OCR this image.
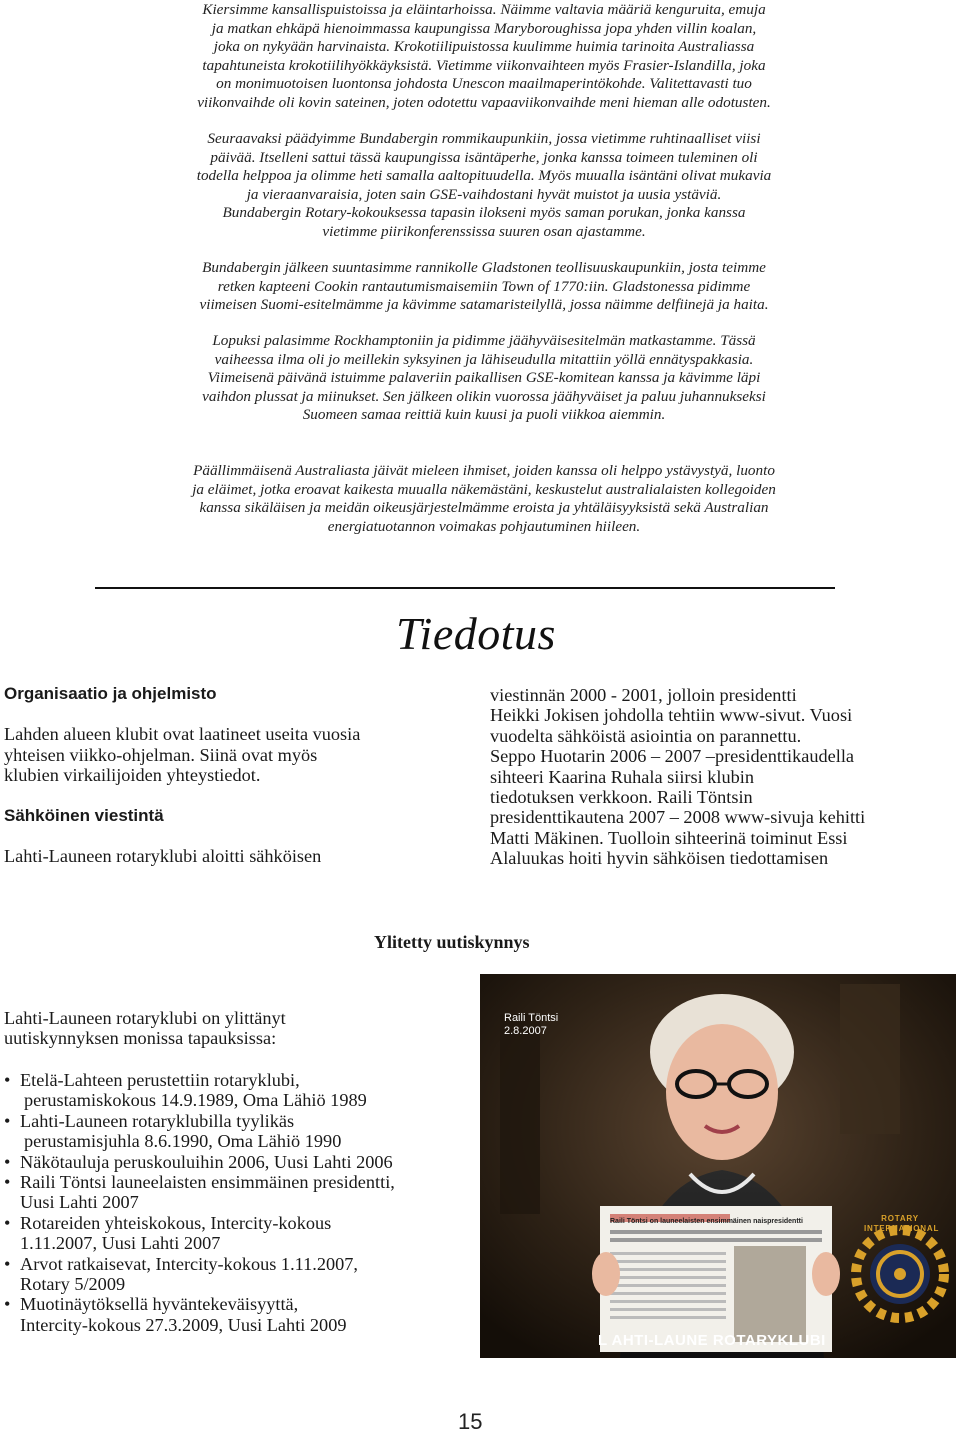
Kiersimme kansallispuistoissa ja eläintarhoissa. Näimme valtavia määriä kenguruita, emuja
ja matkan ehkäpä hienoimmassa kaupungissa Maryboroughissa jopa yhden villin koalan,
joka on nykyään harvinaista. Krokotiilipuistossa kuulimme huimia tarinoita Australiassa
tapahtuneista krokotiilihyökkäyksistä. Vietimme viikonvaihteen myös Frasier-Islandilla, joka
on monimuotoisen luontonsa johdosta Unescon maailmaperintökohde. Valitettavasti tuo
viikonvaihde oli kovin sateinen, joten odotettu vapaaviikonvaihde meni hieman alle odotusten.

Seuraavaksi päädyimme Bundabergin rommikaupunkiin, jossa vietimme ruhtinaalliset viisi
päivää. Itselleni sattui tässä kaupungissa isäntäperhe, jonka kanssa toimeen tuleminen oli
todella helppoa ja olimme heti samalla aaltopituudella. Myös muualla isäntäni olivat mukavia
ja vieraanvaraisia, joten sain GSE-vaihdostani hyvät muistot ja uusia ystäviä.
Bundabergin Rotary-kokouksessa tapasin ilokseni myös saman porukan, jonka kanssa
vietimme piirikonferenssissa suuren osan ajastamme.

Bundabergin jälkeen suuntasimme rannikolle Gladstonen teollisuuskaupunkiin, josta teimme
retken kapteeni Cookin rantautumismaisemiin Town of 1770:iin. Gladstonessa pidimme
viimeisen Suomi-esitelmämme ja kävimme satamaristeilyllä, jossa näimme delfiinejä ja haita.

Lopuksi palasimme Rockhamptoniin ja pidimme jäähyväisesitelmän matkastamme. Tässä
vaiheessa ilma oli jo meillekin syksyinen ja lähiseudulla mitattiin yöllä ennätyspakkasia.
Viimeisenä päivänä istuimme palaveriin paikallisen GSE-komitean kanssa ja kävimme läpi
vaihdon plussat ja miinukset. Sen jälkeen olikin vuorossa jäähyväiset ja paluu juhannukseksi
Suomeen samaa reittiä kuin kuusi ja puoli viikkoa aiemmin.

Päällimmäisenä Australiasta jäivät mieleen ihmiset, joiden kanssa oli helppo ystävystyä, luonto
ja eläimet, jotka eroavat kaikesta muualla näkemästäni, keskustelut australialaisten kollegoiden
kanssa sikäläisen ja meidän oikeusjärjestelmämme eroista ja yhtäläisyyksistä sekä Australian
energiatuotannon voimakas pohjautuminen hiileen.

Tiedotus

Organisaatio ja ohjelmisto

Lahden alueen klubit ovat laatineet useita vuosia
yhteisen viikko-ohjelman. Siinä ovat myös
klubien virkailijoiden yhteystiedot.

Sähköinen viestintä

Lahti-Launeen rotaryklubi aloitti sähköisen

viestinnän 2000 - 2001, jolloin presidentti
Heikki Jokisen johdolla tehtiin www-sivut. Vuosi
vuodelta sähköistä asiointia on parannettu.
Seppo Huotarin 2006 – 2007 –presidenttikaudella
sihteeri Kaarina Ruhala siirsi klubin
tiedotuksen verkkoon. Raili Töntsin
presidenttikautena 2007 – 2008 www-sivuja kehitti
Matti Mäkinen. Tuolloin sihteerinä toiminut Essi
Alaluukas hoiti hyvin sähköisen tiedottamisen

Ylitetty uutiskynnys

Lahti-Launeen rotaryklubi on ylittänyt
uutiskynnyksen monissa tapauksissa:

• Etelä-Lahteen perustettiin rotaryklubi,
perustamiskokous 14.9.1989, Oma Lähiö 1989
• Lahti-Launeen rotaryklubilla tyylikäs
perustamisjuhla 8.6.1990, Oma Lähiö 1990
• Näkötauluja peruskouluihin 2006, Uusi Lahti 2006
• Raili Töntsi launeelaisten ensimmäinen presidentti,
Uusi Lahti 2007
• Rotareiden yhteiskokous, Intercity-kokous
1.11.2007, Uusi Lahti 2007
• Arvot ratkaisevat, Intercity-kokous 1.11.2007,
Rotary 5/2009
• Muotinäytöksellä hyväntekeväisyyttä,
Intercity-kokous 27.3.2009, Uusi Lahti 2009
Raili Töntsi
2.8.2007
Raili Töntsi on launeelaisten ensimmäinen naispresidentti	ROTARY INTERNATIONAL
L AHTI-LAUNE ROTARYKLUBI
15
